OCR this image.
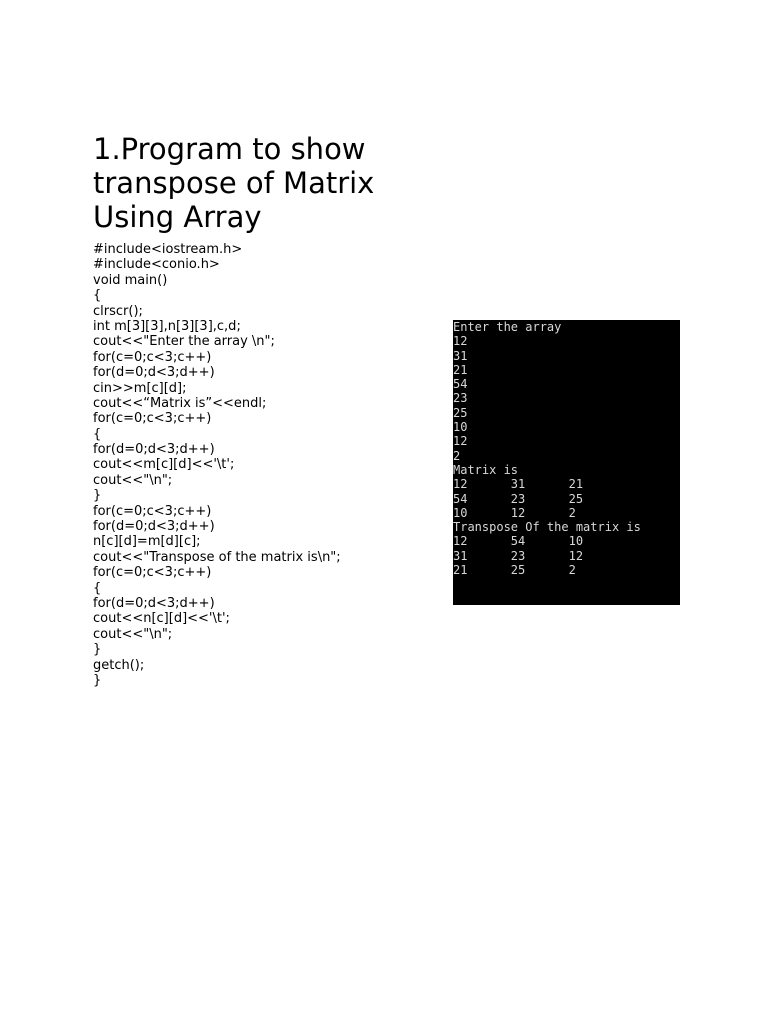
1.Program to show
transpose of Matrix
Using Array
#include<iostream.h>
#include<conio.h>
void main()
{
clrscr();
int m[3][3],n[3][3],c,d;
cout<<"Enter the array \n";
for(c=0;c<3;c++)
for(d=0;d<3;d++)
cin>>m[c][d];
cout<<“Matrix is”<<endl;
for(c=0;c<3;c++)
{
for(d=0;d<3;d++)
cout<<m[c][d]<<'\t';
cout<<"\n";
}
for(c=0;c<3;c++)
for(d=0;d<3;d++)
n[c][d]=m[d][c];
cout<<"Transpose of the matrix is\n";
for(c=0;c<3;c++)
{
for(d=0;d<3;d++)
cout<<n[c][d]<<'\t';
cout<<"\n";
}
getch();
}
Enter the array
12
31
21
54
23
25
10
12
2
Matrix is
12      31      21
54      23      25
10      12      2
Transpose Of the matrix is
12      54      10
31      23      12
21      25      2
